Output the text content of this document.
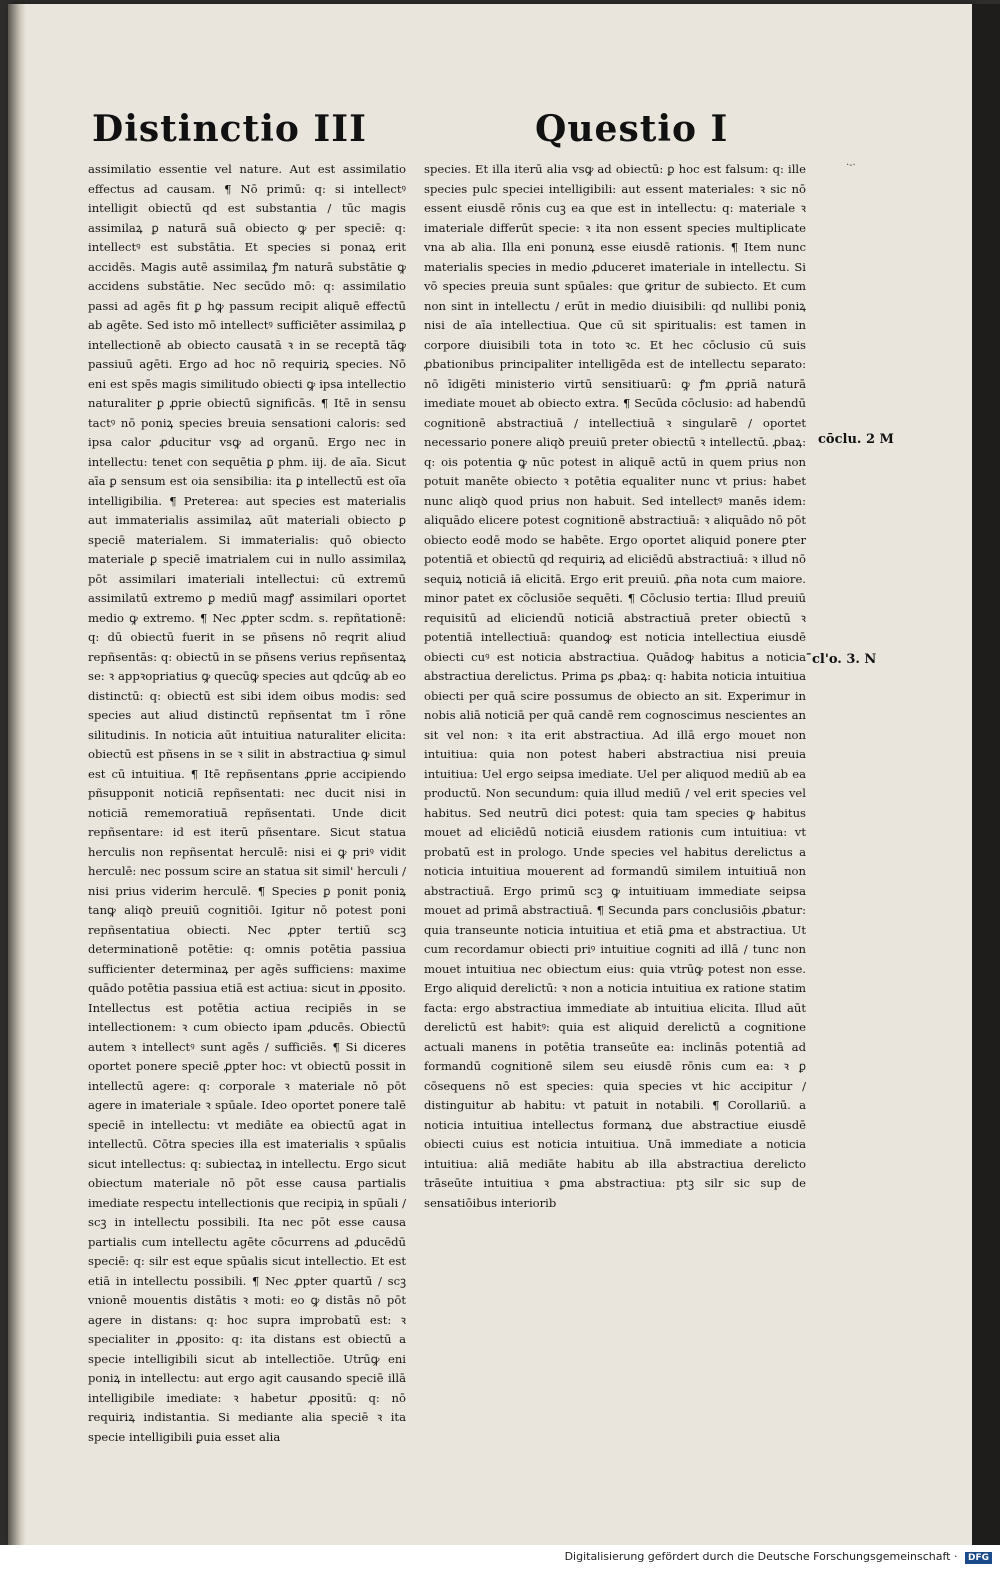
Distinctio III	Questio I

assimilatio essentie vel nature. Aut est assimilatio effectus ad causam. ¶ Nō primū: q: si intellectꝰ intelligit obiectū qd est substantia / tūc magis assimilaꝝ ꝑ naturā suā obiecto ꝙ per speciē: q: intellectꝰ est substātia. Et species si ponaꝝ erit accidēs. Magis autē assimilaꝝ ꝭm naturā substātie ꝙ accidens substātie. Nec secūdo mō: q: assimilatio passi ad agēs fit ꝑ hꝙ passum recipit aliquē effectū ab agēte. Sed isto mō intellectꝰ sufficiēter assimilaꝝ ꝑ intellectionē ab obiecto causatā ꝛ in se receptā tāꝙ passiuū agēti. Ergo ad hoc nō requiriꝝ species. Nō eni est spēs magis similitudo obiecti ꝙ ipsa intellectio naturaliter ꝑ ꝓprie obiectū significās. ¶ Itē in sensu tactꝰ nō poniꝝ species breuia sensationi caloris: sed ipsa calor ꝓducitur vsꝙ ad organū. Ergo nec in intellectu: tenet con sequētia ꝑ phm. iij. de aīa. Sicut aīa ꝑ sensum est oia sensibilia: ita ꝑ intellectū est oīa intelligibilia. ¶ Preterea: aut species est materialis aut immaterialis assimilaꝝ aūt materiali obiecto ꝑ speciē materialem. Si immaterialis: quō obiecto materiale ꝑ speciē imatrialem cui in nullo assimilaꝝ pōt assimilari imateriali intellectui: cū extremū assimilatū extremo ꝑ mediū magꝭ assimilari oportet medio ꝙ extremo. ¶ Nec ꝓpter scdm. s. repñtationē: q: dū obiectū fuerit in se pñsens nō reqrit aliud repñsentās: q: obiectū in se pñsens verius repñsentaꝝ se: ꝛ appꝛopriatius ꝙ quecūꝙ species aut qdcūꝙ ab eo distinctū: q: obiectū est sibi idem oibus modis: sed species aut aliud distinctū repñsentat tm ī rōne silitudinis. In noticia aūt intuitiua naturaliter elicita: obiectū est pñsens in se ꝛ silit in abstractiua ꝙ simul est cū intuitiua. ¶ Itē repñsentans ꝓprie accipiendo pñsupponit noticiā repñsentati: nec ducit nisi in noticiā rememoratiuā repñsentati. Unde dicit repñsentare: id est iterū pñsentare. Sicut statua herculis non repñsentat herculē: nisi ei ꝙ priꝰ vidit herculē: nec possum scire an statua sit simil' herculi / nisi prius viderim herculē. ¶ Species ꝑ ponit poniꝝ tanꝙ aliqꝺ preuiū cognitiōi. Igitur nō potest poni repñsentatiua obiecti. Nec ꝓpter tertiū scꝫ determinationē potētie: q: omnis potētia passiua sufficienter determinaꝝ per agēs sufficiens: maxime quādo potētia passiua etiā est actiua: sicut in ꝓposito. Intellectus est potētia actiua recipiēs in se intellectionem: ꝛ cum obiecto ipam ꝓducēs. Obiectū autem ꝛ intellectꝰ sunt agēs / sufficiēs. ¶ Si diceres oportet ponere speciē ꝓpter hoc: vt obiectū possit in intellectū agere: q: corporale ꝛ materiale nō pōt agere in imateriale ꝛ spūale. Ideo oportet ponere talē speciē in intellectu: vt mediāte ea obiectū agat in intellectū. Cōtra species illa est imaterialis ꝛ spūalis sicut intellectus: q: subiectaꝝ in intellectu. Ergo sicut obiectum materiale nō pōt esse causa partialis imediate respectu intellectionis que recipiꝝ in spūali / scꝫ in intellectu possibili. Ita nec pōt esse causa partialis cum intellectu agēte cōcurrens ad ꝓducēdū speciē: q: silr est eque spūalis sicut intellectio. Et est etiā in intellectu possibili. ¶ Nec ꝓpter quartū / scꝫ vnionē mouentis distātis ꝛ moti: eo ꝙ distās nō pōt agere in distans: q: hoc supra improbatū est: ꝛ specialiter in ꝓposito: q: ita distans est obiectū a specie intelligibili sicut ab intellectiōe. Utrūꝙ eni poniꝝ in intellectu: aut ergo agit causando speciē illā intelligibile imediate: ꝛ habetur ꝓpositū: q: nō requiriꝝ indistantia. Si mediante alia speciē ꝛ ita specie intelligibili ꝑuia esset alia

species. Et illa iterū alia vsꝙ ad obiectū: ꝑ hoc est falsum: q: ille species pulc speciei intelligibili: aut essent materiales: ꝛ sic nō essent eiusdē rōnis cuꝫ ea que est in intellectu: q: materiale ꝛ imateriale differūt specie: ꝛ ita non essent species multiplicate vna ab alia. Illa eni ponunꝝ esse eiusdē rationis. ¶ Item nunc materialis species in medio ꝓduceret imateriale in intellectu. Si vō species preuia sunt spūales: que ꝙritur de subiecto. Et cum non sint in intellectu / erūt in medio diuisibili: qd nullibi poniꝝ nisi de aīa intellectiua. Que cū sit spiritualis: est tamen in corpore diuisibili tota in toto ꝛc. Et hec cōclusio cū suis ꝓbationibus principaliter intelligēda est de intellectu separato: nō īdigēti ministerio virtū sensitiuarū: ꝙ ꝭm ꝓpriā naturā imediate mouet ab obiecto extra. ¶ Secūda cōclusio: ad habendū cognitionē abstractiuā / intellectiuā ꝛ singularē / oportet necessario ponere aliqꝺ preuiū preter obiectū ꝛ intellectū. ꝓbaꝝ: q: ois potentia ꝙ nūc potest in aliquē actū in quem prius non potuit manēte obiecto ꝛ potētia equaliter nunc vt prius: habet nunc aliqꝺ quod prius non habuit. Sed intellectꝰ manēs idem: aliquādo elicere potest cognitionē abstractiuā: ꝛ aliquādo nō pōt obiecto eodē modo se habēte. Ergo oportet aliquid ponere ꝑter potentiā et obiectū qd requiriꝝ ad eliciēdū abstractiuā: ꝛ illud nō sequiꝝ noticiā iā elicitā. Ergo erit preuiū. ꝓña nota cum maiore. minor patet ex cōclusiōe sequēti. ¶ Cōclusio tertia: Illud preuiū requisitū ad eliciendū noticiā abstractiuā preter obiectū ꝛ potentiā intellectiuā: quandoꝙ est noticia intellectiua eiusdē obiecti cuꝰ est noticia abstractiua. Quādoꝙ habitus a noticia abstractiua derelictus. Prima ꝑs ꝓbaꝝ: q: habita noticia intuitiua obiecti per quā scire possumus de obiecto an sit. Experimur in nobis aliā noticiā per quā candē rem cognoscimus nescientes an sit vel non: ꝛ ita erit abstractiua. Ad illā ergo mouet non intuitiua: quia non potest haberi abstractiua nisi preuia intuitiua: Uel ergo seipsa imediate. Uel per aliquod mediū ab ea productū. Non secundum: quia illud mediū / vel erit species vel habitus. Sed neutrū dici potest: quia tam species ꝙ habitus mouet ad eliciēdū noticiā eiusdem rationis cum intuitiua: vt probatū est in prologo. Unde species vel habitus derelictus a noticia intuitiua mouerent ad formandū similem intuitiuā non abstractiuā. Ergo primū scꝫ ꝙ intuitiuam immediate seipsa mouet ad primā abstractiuā. ¶ Secunda pars conclusiōis ꝓbatur: quia transeunte noticia intuitiua et etiā ꝑma et abstractiua. Ut cum recordamur obiecti priꝰ intuitiue cogniti ad illā / tunc non mouet intuitiua nec obiectum eius: quia vtrūꝙ potest non esse. Ergo aliquid derelictū: ꝛ non a noticia intuitiua ex ratione statim facta: ergo abstractiua immediate ab intuitiua elicita. Illud aūt derelictū est habitꝰ: quia est aliquid derelictū a cognitione actuali manens in potētia transeūte ea: inclinās potentiā ad formandū cognitionē silem seu eiusdē rōnis cum ea: ꝛ ꝑ cōsequens nō est species: quia species vt hic accipitur / distinguitur ab habitu: vt patuit in notabili. ¶ Corollariū. a noticia intuitiua intellectus formanꝝ due abstractiue eiusdē obiecti cuius est noticia intuitiua. Unā immediate a noticia intuitiua: aliā mediāte habitu ab illa abstractiua derelicto trāseūte intuitiua ꝛ ꝑma abstractiua: ptꝫ silr sic sup de sensatiōibus interiorib

·-·
cōclu. 2 M
̄cl'o. 3. N
Digitalisierung gefördert durch die Deutsche Forschungsgemeinschaft · DFG
